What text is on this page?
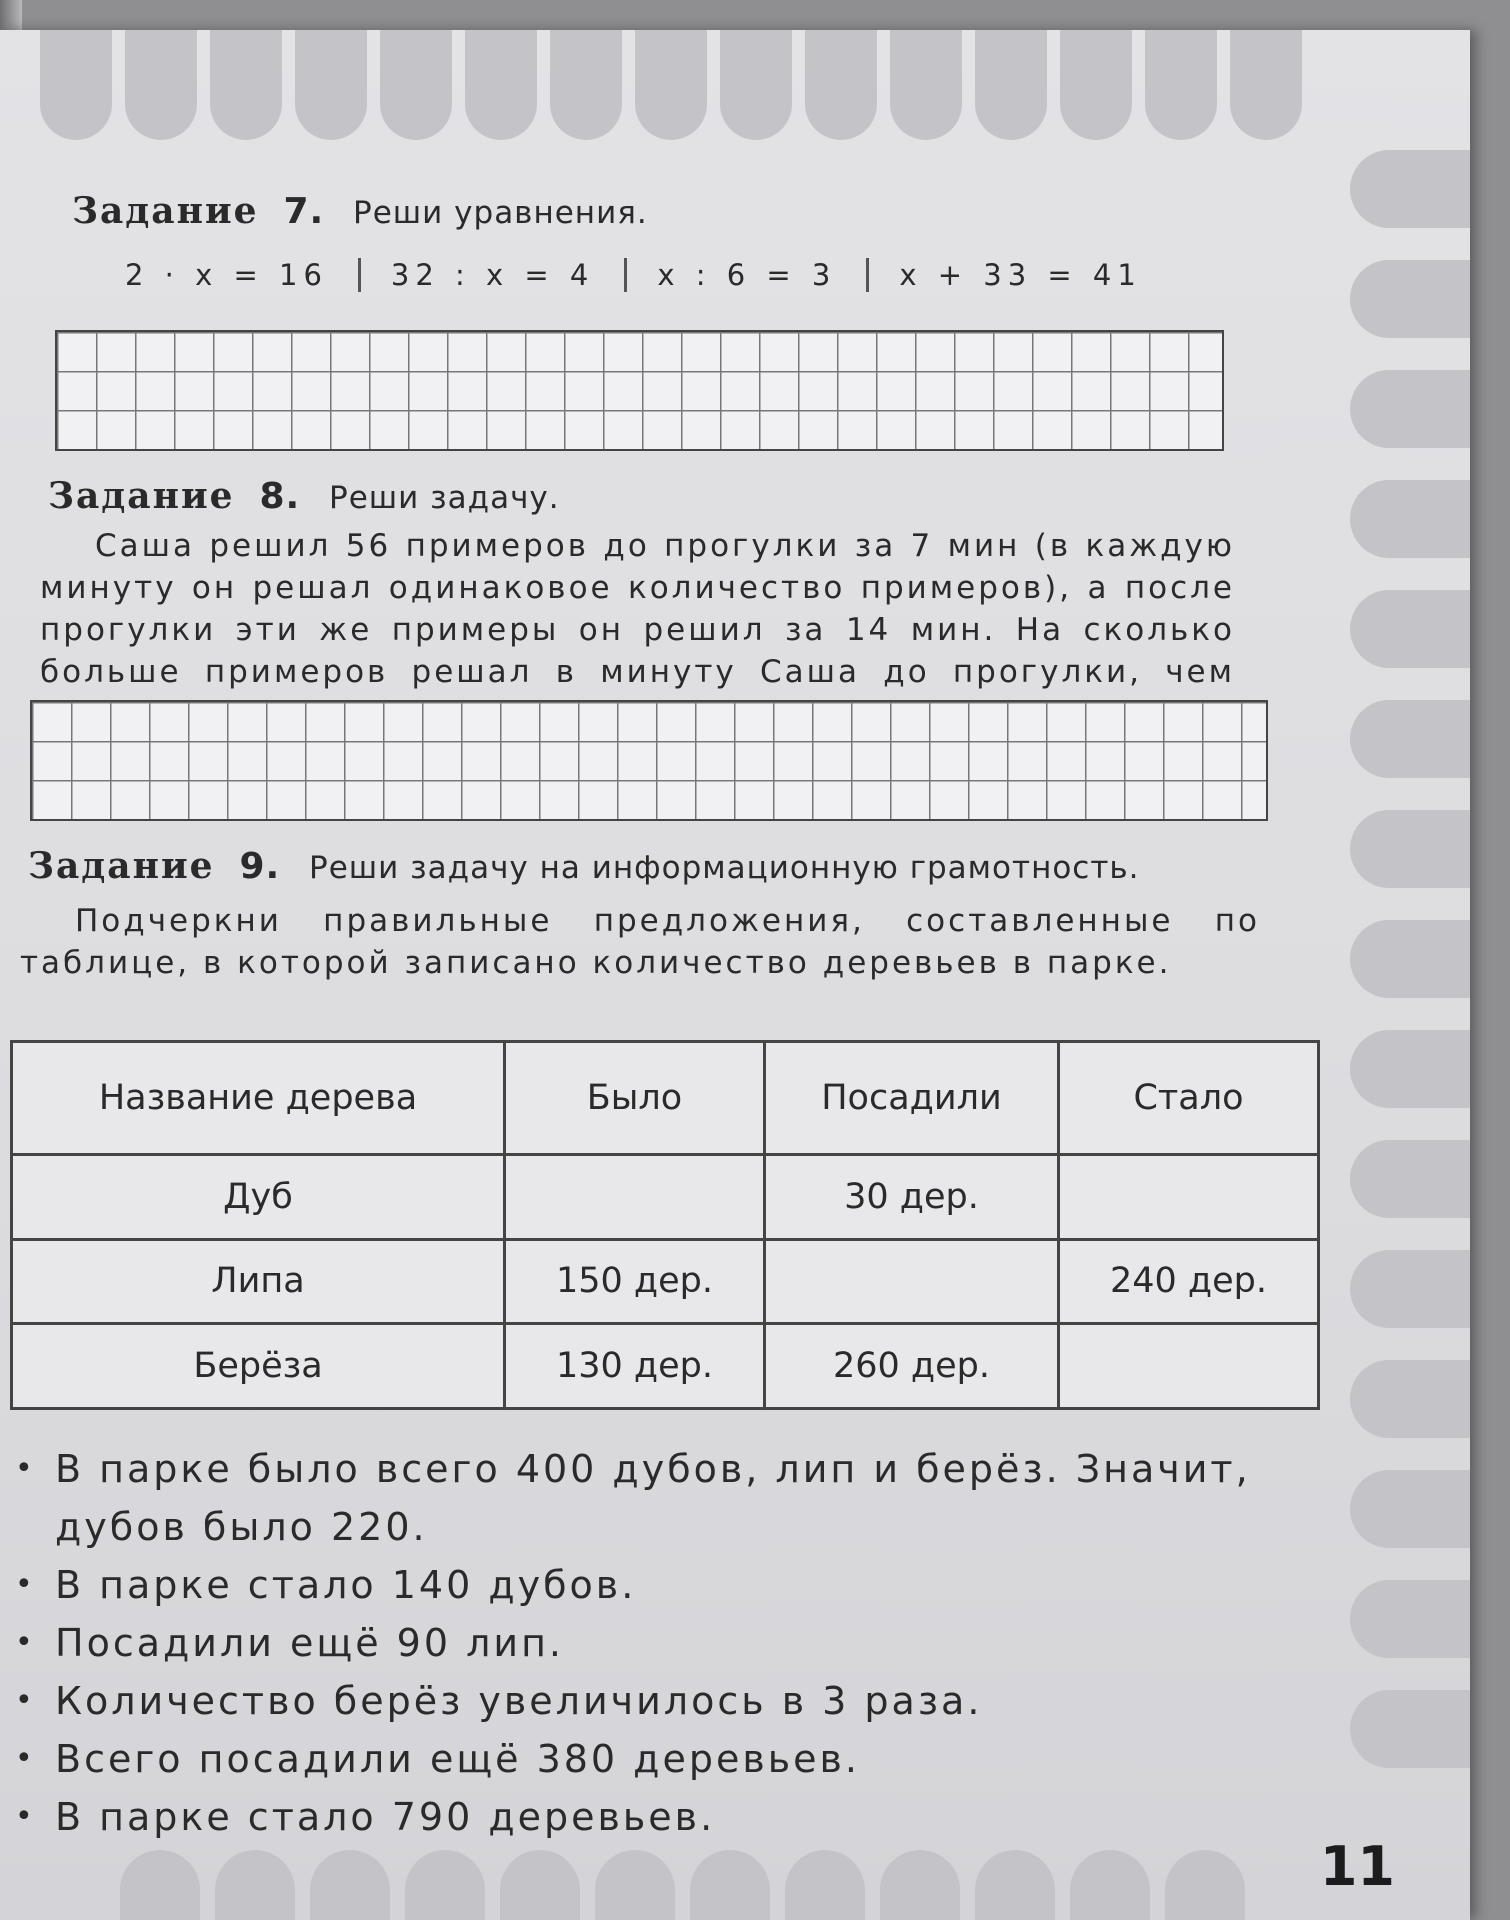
Задание 7. Реши уравнения.
2 · x = 16	32 : x = 4	x : 6 = 3	x + 33 = 41
Задание 8. Реши задачу.

Саша решил 56 примеров до прогулки за 7 мин (в каждую минуту он решал одинаковое количество примеров), а после прогулки эти же примеры он решил за 14 мин. На сколько больше примеров решал в минуту Саша до прогулки, чем

Задание 9. Реши задачу на информационную грамотность.

Подчеркни правильные предложения, составленные по таблице, в которой записано количество деревьев в парке.

Название дерева	Было	Посадили	Стало
Дуб		30 дер.	
Липа	150 дер.		240 дер.
Берёза	130 дер.	260 дер.	
• В парке было всего 400 дубов, лип и берёз. Значит, дубов было 220.
• В парке стало 140 дубов.
• Посадили ещё 90 лип.
• Количество берёз увеличилось в 3 раза.
• Всего посадили ещё 380 деревьев.
• В парке стало 790 деревьев.
11
